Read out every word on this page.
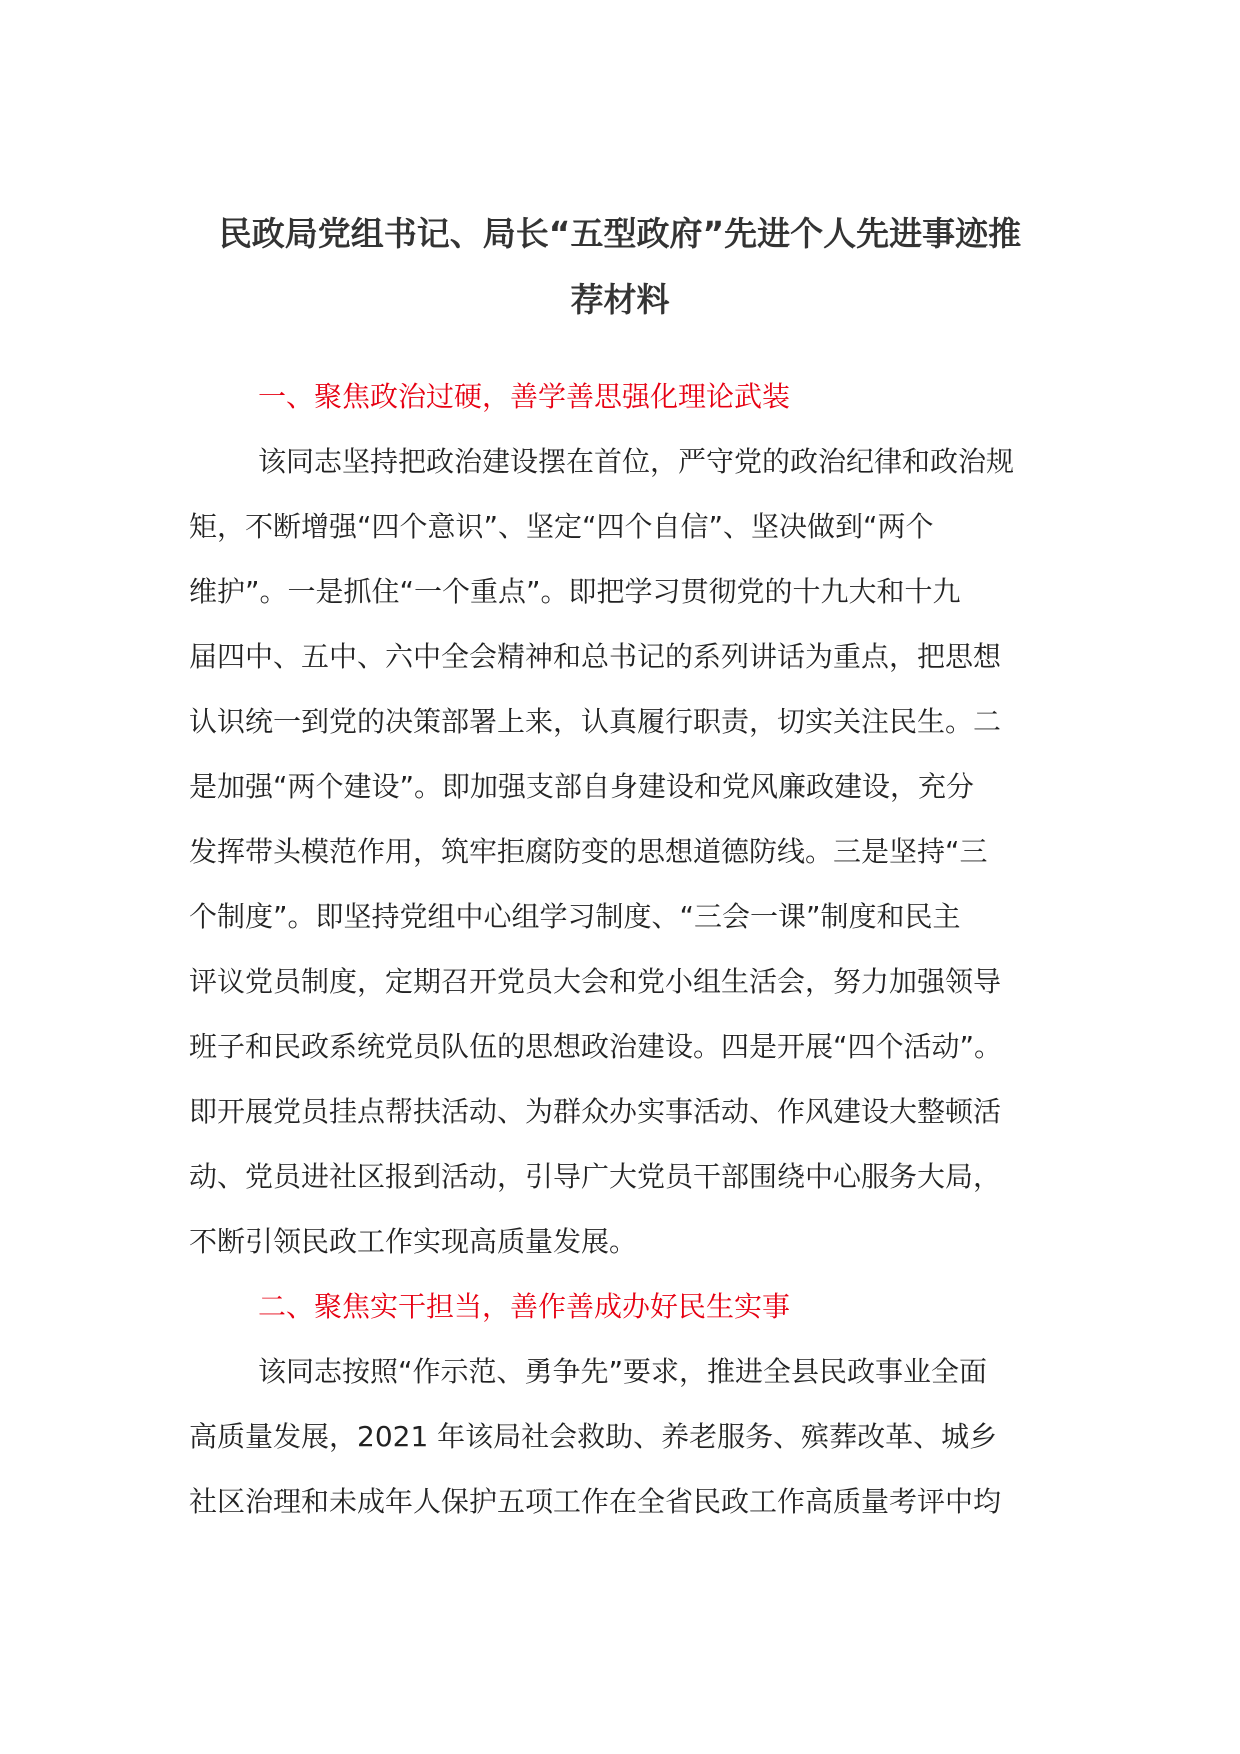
民政局党组书记、局长“五型政府”先进个人先进事迹推
荐材料
一、聚焦政治过硬，善学善思强化理论武装
该同志坚持把政治建设摆在首位，严守党的政治纪律和政治规
矩，不断增强“四个意识”、坚定“四个自信”、坚决做到“两个
维护”。一是抓住“一个重点”。即把学习贯彻党的十九大和十九
届四中、五中、六中全会精神和总书记的系列讲话为重点，把思想
认识统一到党的决策部署上来，认真履行职责，切实关注民生。二
是加强“两个建设”。即加强支部自身建设和党风廉政建设，充分
发挥带头模范作用，筑牢拒腐防变的思想道德防线。三是坚持“三
个制度”。即坚持党组中心组学习制度、“三会一课”制度和民主
评议党员制度，定期召开党员大会和党小组生活会，努力加强领导
班子和民政系统党员队伍的思想政治建设。四是开展“四个活动”。
即开展党员挂点帮扶活动、为群众办实事活动、作风建设大整顿活
动、党员进社区报到活动，引导广大党员干部围绕中心服务大局，
不断引领民政工作实现高质量发展。
二、聚焦实干担当，善作善成办好民生实事
该同志按照“作示范、勇争先”要求，推进全县民政事业全面
高质量发展，2021 年该局社会救助、养老服务、殡葬改革、城乡
社区治理和未成年人保护五项工作在全省民政工作高质量考评中均
